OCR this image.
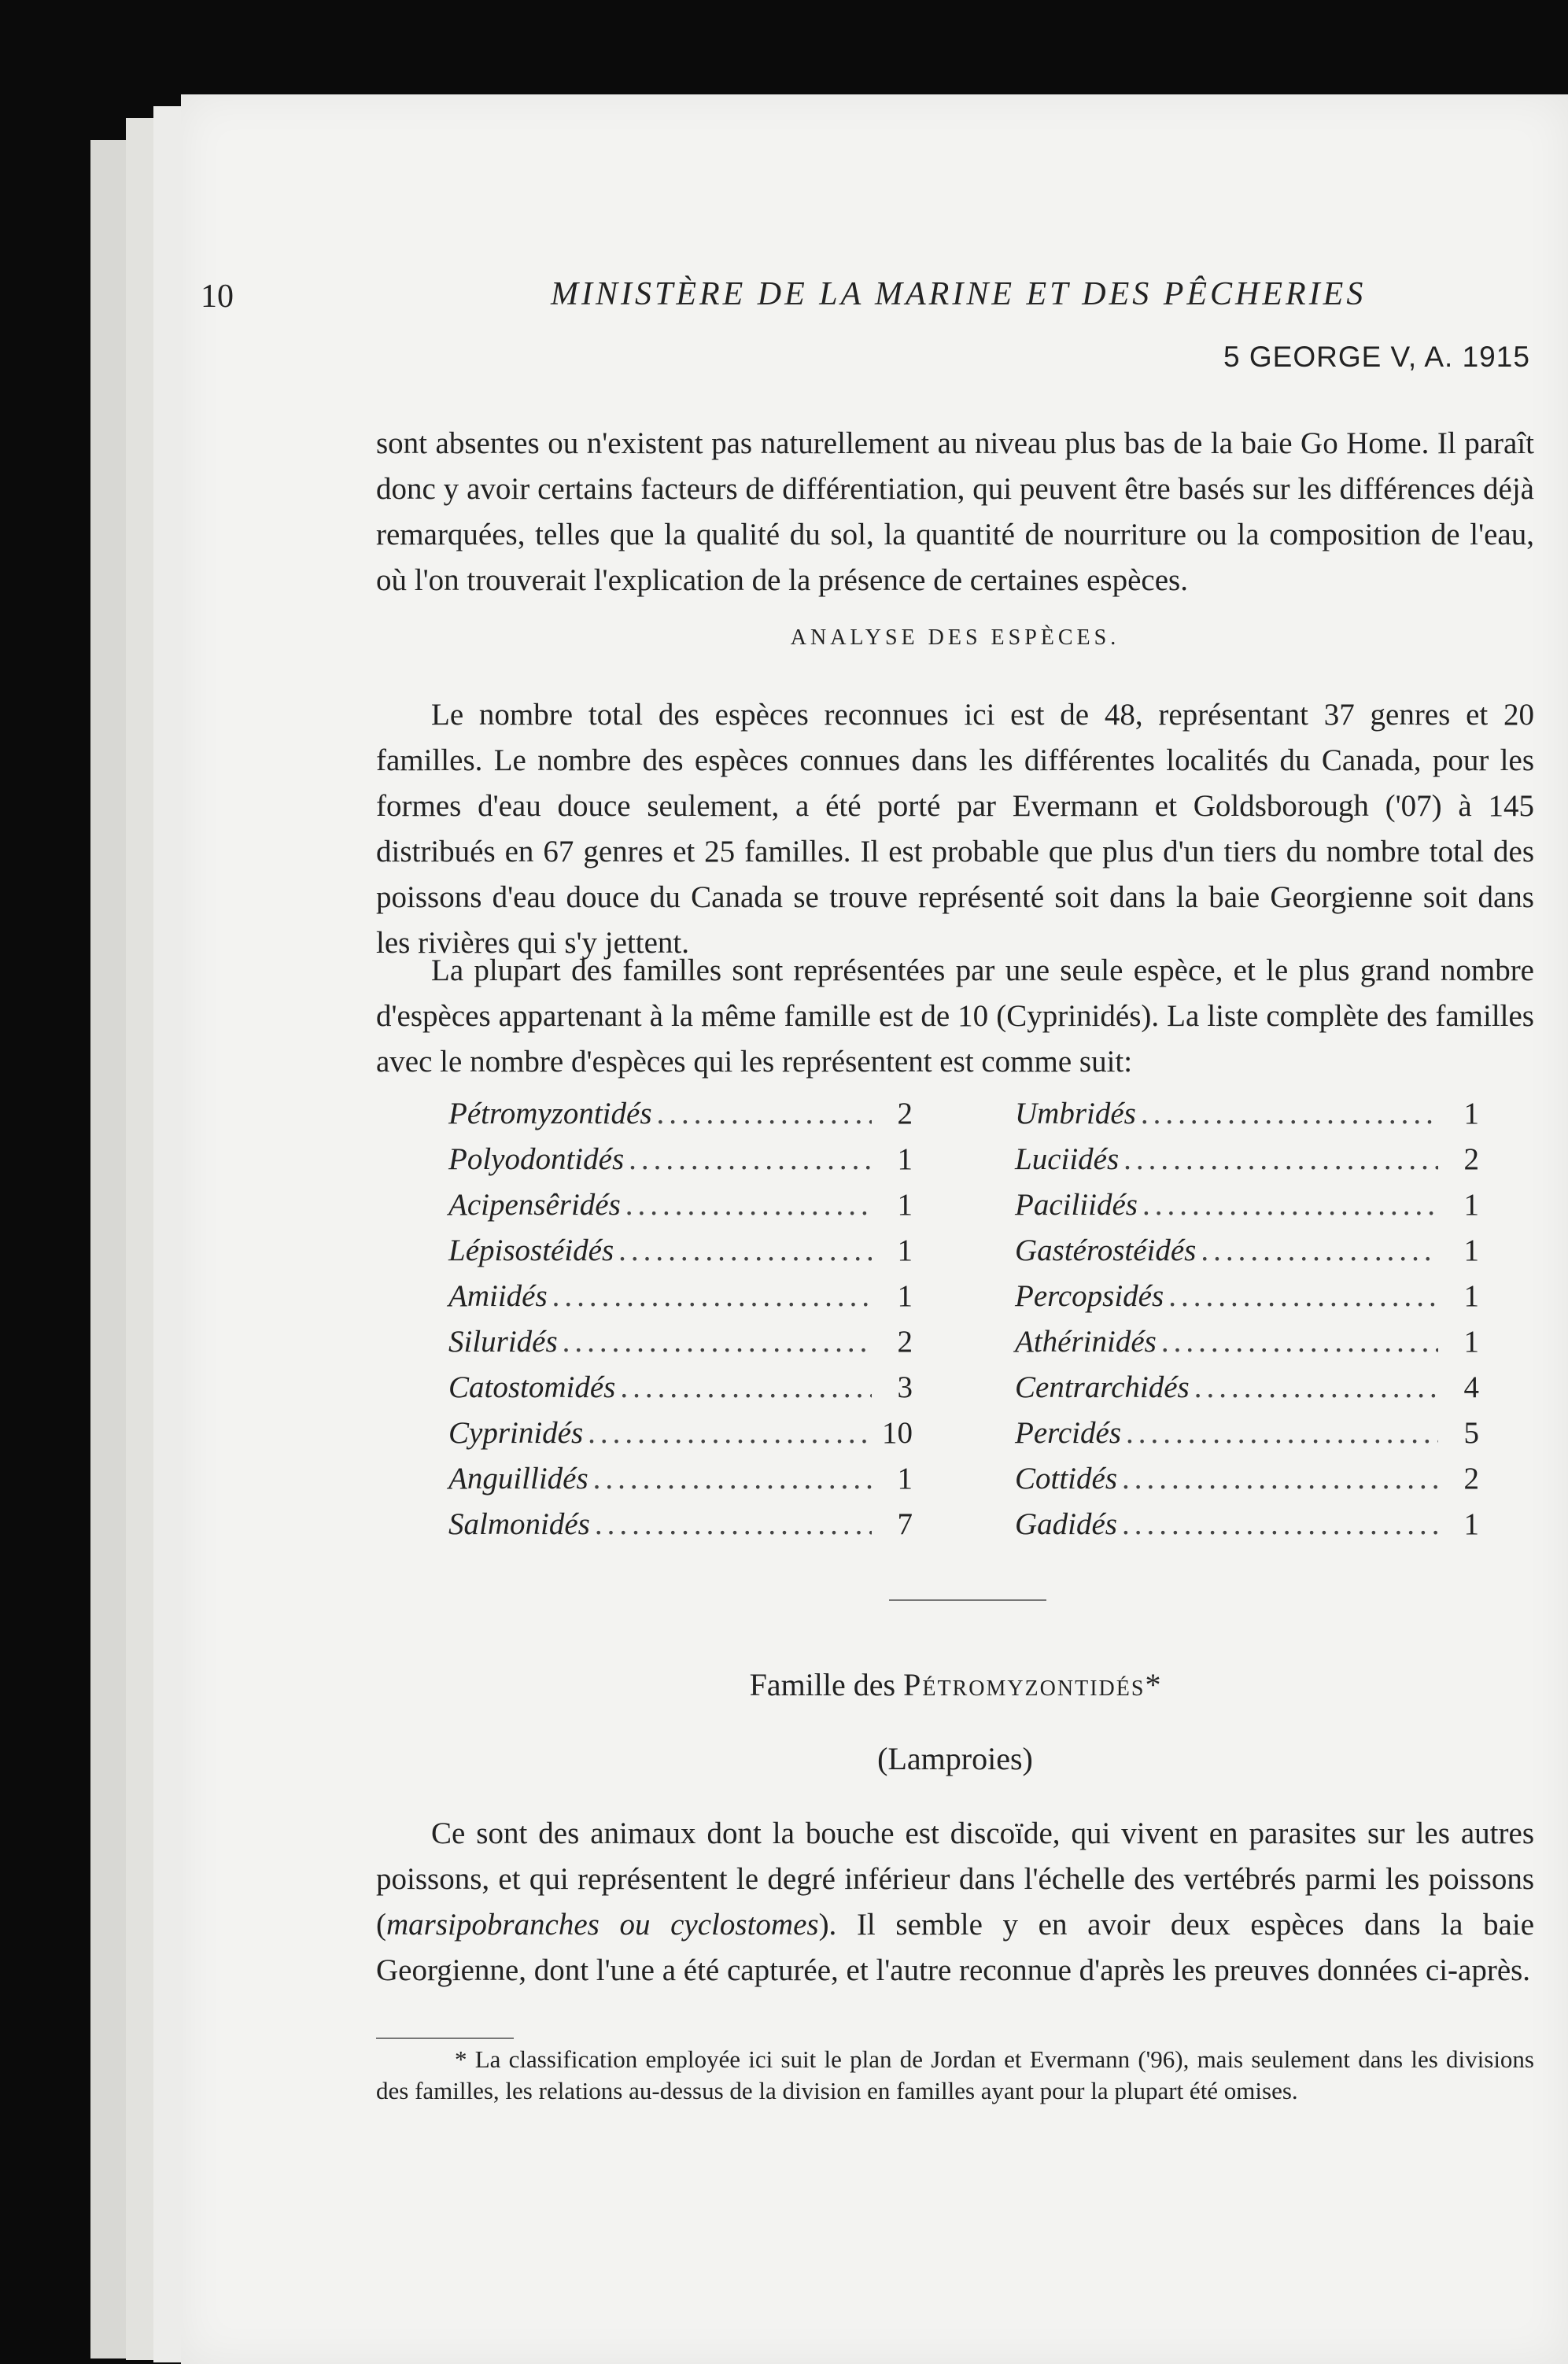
10	MINISTÈRE DE LA MARINE ET DES PÊCHERIES
5 GEORGE V, A. 1915
sont absentes ou n'existent pas naturellement au niveau plus bas de la baie Go Home. Il paraît donc y avoir certains facteurs de différentiation, qui peuvent être basés sur les différences déjà remarquées, telles que la qualité du sol, la quantité de nourriture ou la composition de l'eau, où l'on trouverait l'explication de la présence de certaines espèces.
ANALYSE DES ESPÈCES.
Le nombre total des espèces reconnues ici est de 48, représentant 37 genres et 20 familles. Le nombre des espèces connues dans les différentes localités du Canada, pour les formes d'eau douce seulement, a été porté par Evermann et Goldsborough ('07) à 145 distribués en 67 genres et 25 familles. Il est probable que plus d'un tiers du nombre total des poissons d'eau douce du Canada se trouve représenté soit dans la baie Georgienne soit dans les rivières qui s'y jettent.
La plupart des familles sont représentées par une seule espèce, et le plus grand nombre d'espèces appartenant à la même famille est de 10 (Cyprinidés). La liste complète des familles avec le nombre d'espèces qui les représentent est comme suit:
Pétromyzontidés .....	2
Polyodontidés .....	1
Acipensêridés .....	1
Lépisostéidés .....	1
Amiidés .....	1
Siluridés .....	2
Catostomidés .....	3
Cyprinidés .....	10
Anguillidés .....	1
Salmonidés .....	7
Umbridés .....	1
Luciidés .....	2
Paciliidés .....	1
Gastérostéidés .....	1
Percopsidés .....	1
Athérinidés .....	1
Centrarchidés .....	4
Percidés .....	5
Cottidés .....	2
Gadidés .....	1
Famille des Pétromyzontidés*
(Lamproies)
Ce sont des animaux dont la bouche est discoïde, qui vivent en parasites sur les autres poissons, et qui représentent le degré inférieur dans l'échelle des vertébrés parmi les poissons (marsipobranches ou cyclostomes). Il semble y en avoir deux espèces dans la baie Georgienne, dont l'une a été capturée, et l'autre reconnue d'après les preuves données ci-après.
* La classification employée ici suit le plan de Jordan et Evermann ('96), mais seulement dans les divisions des familles, les relations au-dessus de la division en familles ayant pour la plupart été omises.
